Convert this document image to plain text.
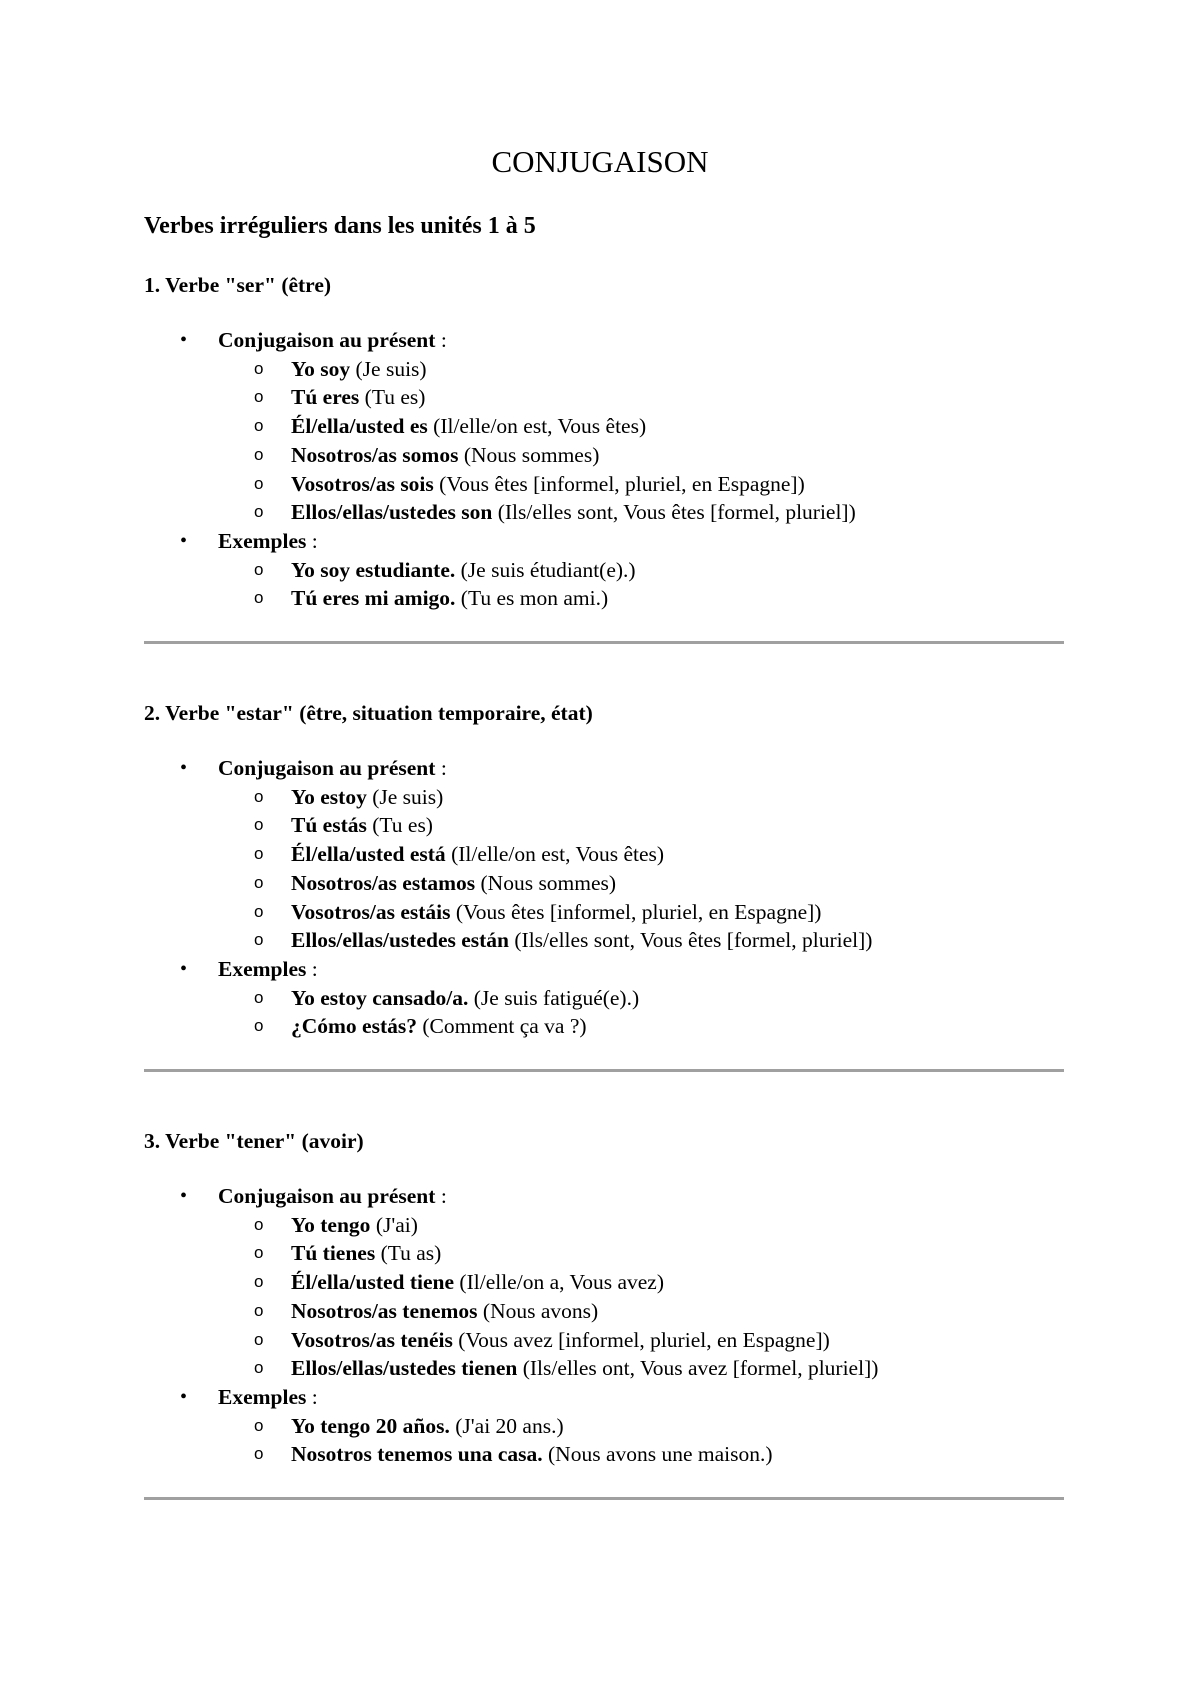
CONJUGAISON
Verbes irréguliers dans les unités 1 à 5

1. Verbe "ser" (être)

• Conjugaison au présent :
o Yo soy (Je suis)
o Tú eres (Tu es)
o Él/ella/usted es (Il/elle/on est, Vous êtes)
o Nosotros/as somos (Nous sommes)
o Vosotros/as sois (Vous êtes [informel, pluriel, en Espagne])
o Ellos/ellas/ustedes son (Ils/elles sont, Vous êtes [formel, pluriel])
• Exemples :
o Yo soy estudiante. (Je suis étudiant(e).)
o Tú eres mi amigo. (Tu es mon ami.)

2. Verbe "estar" (être, situation temporaire, état)

• Conjugaison au présent :
o Yo estoy (Je suis)
o Tú estás (Tu es)
o Él/ella/usted está (Il/elle/on est, Vous êtes)
o Nosotros/as estamos (Nous sommes)
o Vosotros/as estáis (Vous êtes [informel, pluriel, en Espagne])
o Ellos/ellas/ustedes están (Ils/elles sont, Vous êtes [formel, pluriel])
• Exemples :
o Yo estoy cansado/a. (Je suis fatigué(e).)
o ¿Cómo estás? (Comment ça va ?)

3. Verbe "tener" (avoir)

• Conjugaison au présent :
o Yo tengo (J'ai)
o Tú tienes (Tu as)
o Él/ella/usted tiene (Il/elle/on a, Vous avez)
o Nosotros/as tenemos (Nous avons)
o Vosotros/as tenéis (Vous avez [informel, pluriel, en Espagne])
o Ellos/ellas/ustedes tienen (Ils/elles ont, Vous avez [formel, pluriel])
• Exemples :
o Yo tengo 20 años. (J'ai 20 ans.)
o Nosotros tenemos una casa. (Nous avons une maison.)
